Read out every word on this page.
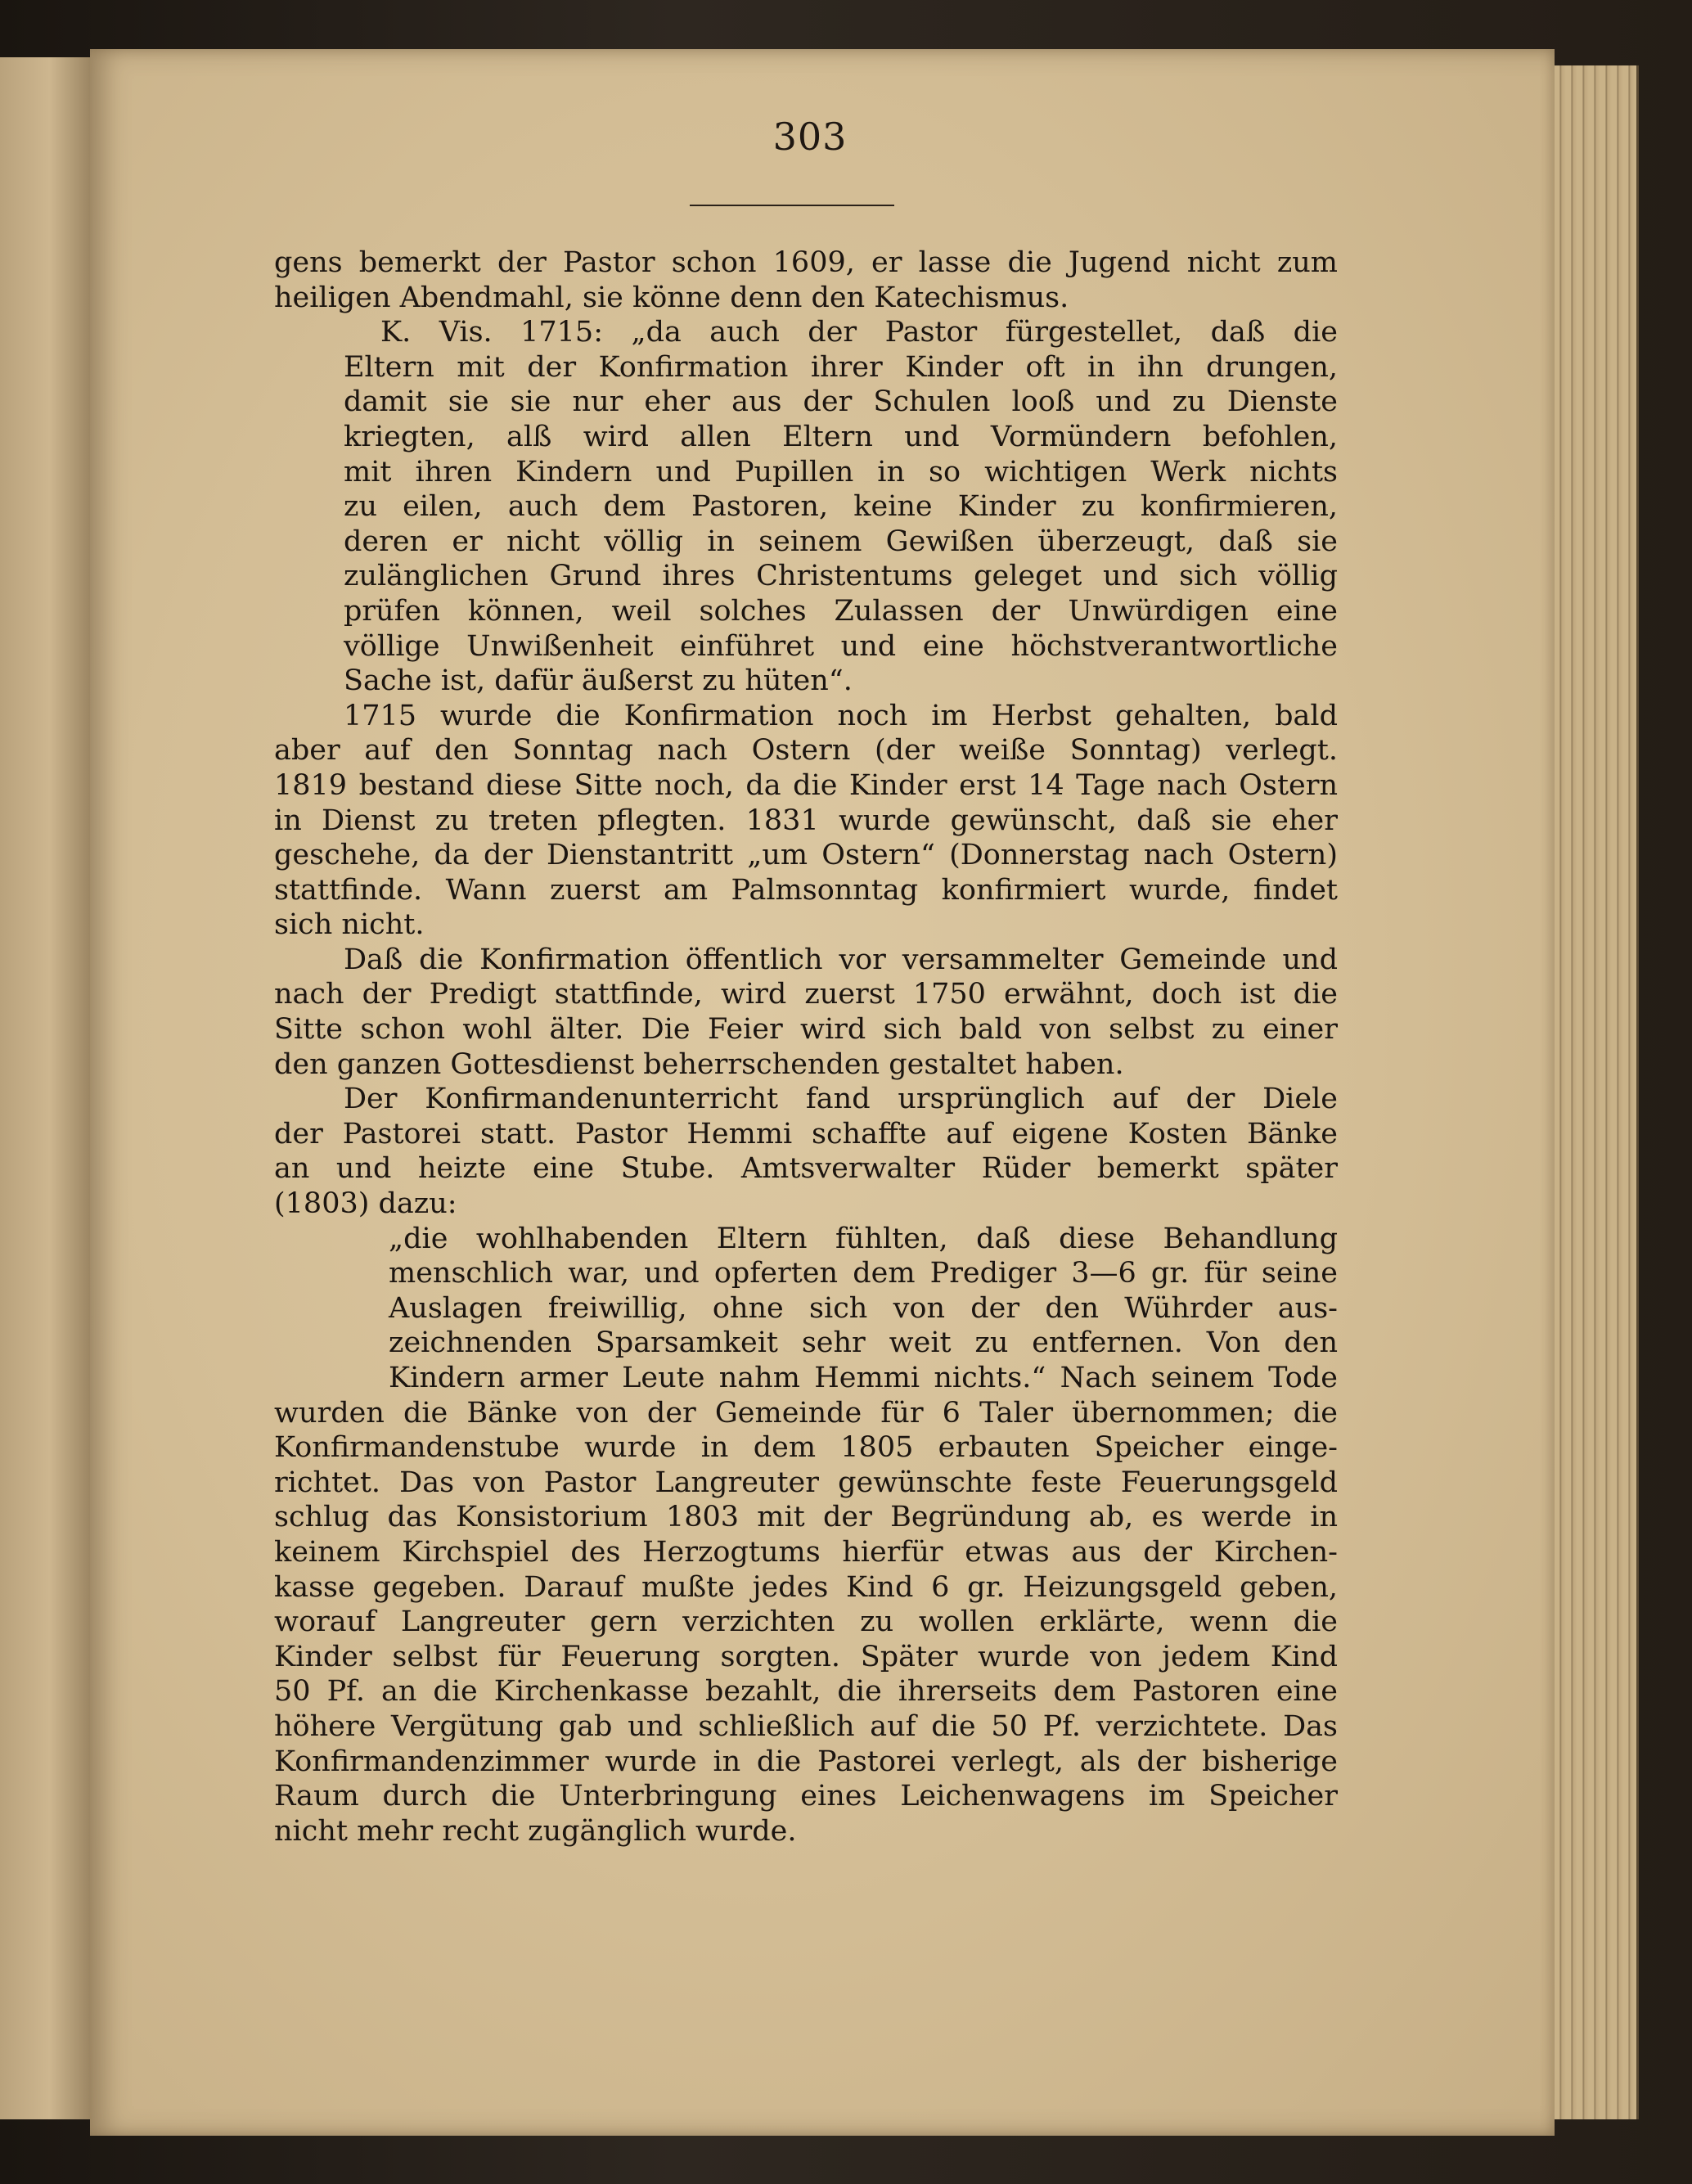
303
gens bemerkt der Pastor schon 1609, er lasse die Jugend nicht zum
heiligen Abendmahl, sie könne denn den Katechismus.
K. Vis. 1715: „da auch der Pastor fürgestellet, daß die
Eltern mit der Konfirmation ihrer Kinder oft in ihn drungen,
damit sie sie nur eher aus der Schulen looß und zu Dienste
kriegten, alß wird allen Eltern und Vormündern befohlen,
mit ihren Kindern und Pupillen in so wichtigen Werk nichts
zu eilen, auch dem Pastoren, keine Kinder zu konfirmieren,
deren er nicht völlig in seinem Gewißen überzeugt, daß sie
zulänglichen Grund ihres Christentums geleget und sich völlig
prüfen können, weil solches Zulassen der Unwürdigen eine
völlige Unwißenheit einführet und eine höchstverantwortliche
Sache ist, dafür äußerst zu hüten“.
1715 wurde die Konfirmation noch im Herbst gehalten, bald
aber auf den Sonntag nach Ostern (der weiße Sonntag) verlegt.
1819 bestand diese Sitte noch, da die Kinder erst 14 Tage nach Ostern
in Dienst zu treten pflegten. 1831 wurde gewünscht, daß sie eher
geschehe, da der Dienstantritt „um Ostern“ (Donnerstag nach Ostern)
stattfinde. Wann zuerst am Palmsonntag konfirmiert wurde, findet
sich nicht.
Daß die Konfirmation öffentlich vor versammelter Gemeinde und
nach der Predigt stattfinde, wird zuerst 1750 erwähnt, doch ist die
Sitte schon wohl älter. Die Feier wird sich bald von selbst zu einer
den ganzen Gottesdienst beherrschenden gestaltet haben.
Der Konfirmandenunterricht fand ursprünglich auf der Diele
der Pastorei statt. Pastor Hemmi schaffte auf eigene Kosten Bänke
an und heizte eine Stube. Amtsverwalter Rüder bemerkt später
(1803) dazu:
„die wohlhabenden Eltern fühlten, daß diese Behandlung
menschlich war, und opferten dem Prediger 3—6 gr. für seine
Auslagen freiwillig, ohne sich von der den Wührder aus-
zeichnenden Sparsamkeit sehr weit zu entfernen. Von den
Kindern armer Leute nahm Hemmi nichts.“ Nach seinem Tode
wurden die Bänke von der Gemeinde für 6 Taler übernommen; die
Konfirmandenstube wurde in dem 1805 erbauten Speicher einge-
richtet. Das von Pastor Langreuter gewünschte feste Feuerungsgeld
schlug das Konsistorium 1803 mit der Begründung ab, es werde in
keinem Kirchspiel des Herzogtums hierfür etwas aus der Kirchen-
kasse gegeben. Darauf mußte jedes Kind 6 gr. Heizungsgeld geben,
worauf Langreuter gern verzichten zu wollen erklärte, wenn die
Kinder selbst für Feuerung sorgten. Später wurde von jedem Kind
50 Pf. an die Kirchenkasse bezahlt, die ihrerseits dem Pastoren eine
höhere Vergütung gab und schließlich auf die 50 Pf. verzichtete. Das
Konfirmandenzimmer wurde in die Pastorei verlegt, als der bisherige
Raum durch die Unterbringung eines Leichenwagens im Speicher
nicht mehr recht zugänglich wurde.
